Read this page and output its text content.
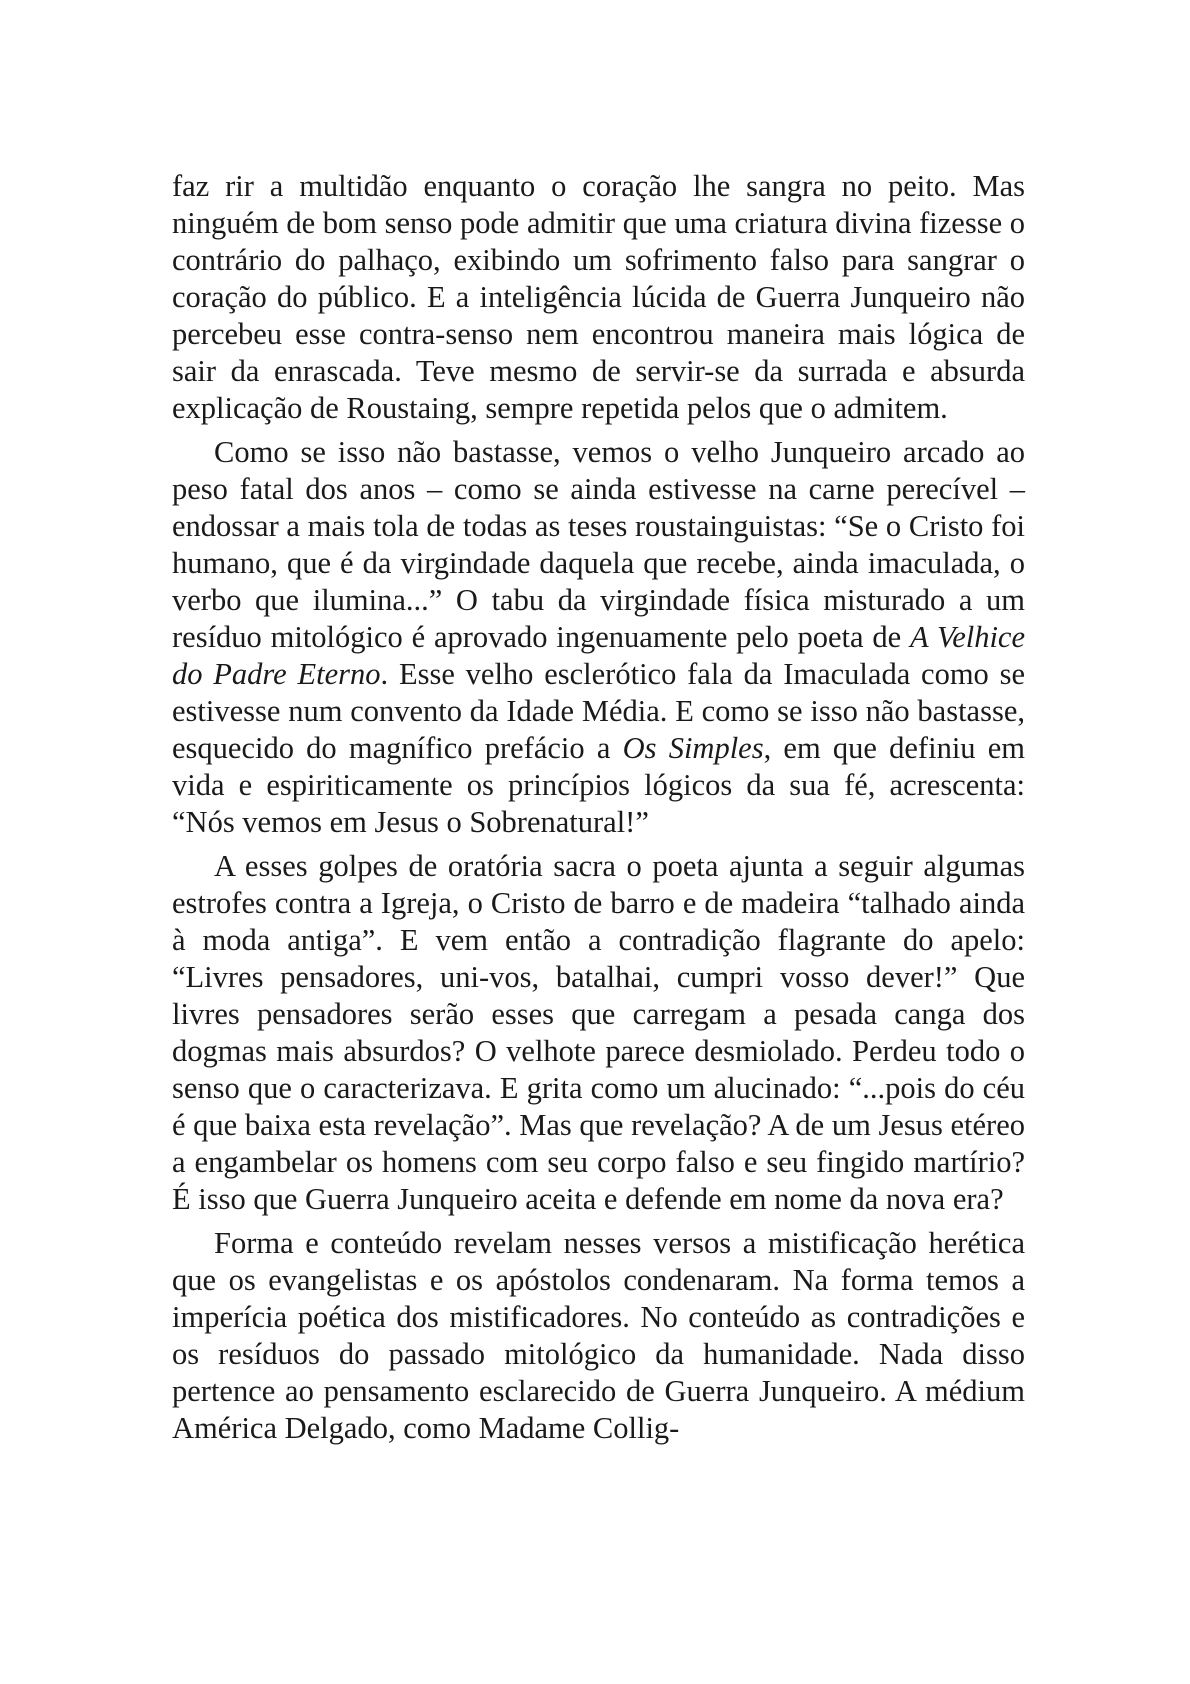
faz rir a multidão enquanto o coração lhe sangra no peito. Mas ninguém de bom senso pode admitir que uma criatura divina fizesse o contrário do palhaço, exibindo um sofrimento falso para sangrar o coração do público. E a inteligência lúcida de Guerra Junqueiro não percebeu esse contra-senso nem encontrou maneira mais lógica de sair da enrascada. Teve mesmo de servir-se da surrada e absurda explicação de Roustaing, sempre repetida pelos que o admitem.

Como se isso não bastasse, vemos o velho Junqueiro arcado ao peso fatal dos anos – como se ainda estivesse na carne perecível – endossar a mais tola de todas as teses roustainguistas: “Se o Cristo foi humano, que é da virgindade daquela que recebe, ainda imaculada, o verbo que ilumina...” O tabu da virgindade física misturado a um resíduo mitológico é aprovado ingenuamente pelo poeta de A Velhice do Padre Eterno. Esse velho esclerótico fala da Imaculada como se estivesse num convento da Idade Média. E como se isso não bastasse, esquecido do magnífico prefácio a Os Simples, em que definiu em vida e espiriticamente os princípios lógicos da sua fé, acrescenta: “Nós vemos em Jesus o Sobrenatural!”

A esses golpes de oratória sacra o poeta ajunta a seguir algumas estrofes contra a Igreja, o Cristo de barro e de madeira “talhado ainda à moda antiga”. E vem então a contradição flagrante do apelo: “Livres pensadores, uni-vos, batalhai, cumpri vosso dever!” Que livres pensadores serão esses que carregam a pesada canga dos dogmas mais absurdos? O velhote parece desmiolado. Perdeu todo o senso que o caracterizava. E grita como um alucinado: “...pois do céu é que baixa esta revelação”. Mas que revelação? A de um Jesus etéreo a engambelar os homens com seu corpo falso e seu fingido martírio? É isso que Guerra Junqueiro aceita e defende em nome da nova era?

Forma e conteúdo revelam nesses versos a mistificação herética que os evangelistas e os apóstolos condenaram. Na forma temos a imperícia poética dos mistificadores. No conteúdo as contradições e os resíduos do passado mitológico da humanidade. Nada disso pertence ao pensamento esclarecido de Guerra Junqueiro. A médium América Delgado, como Madame Collig-
